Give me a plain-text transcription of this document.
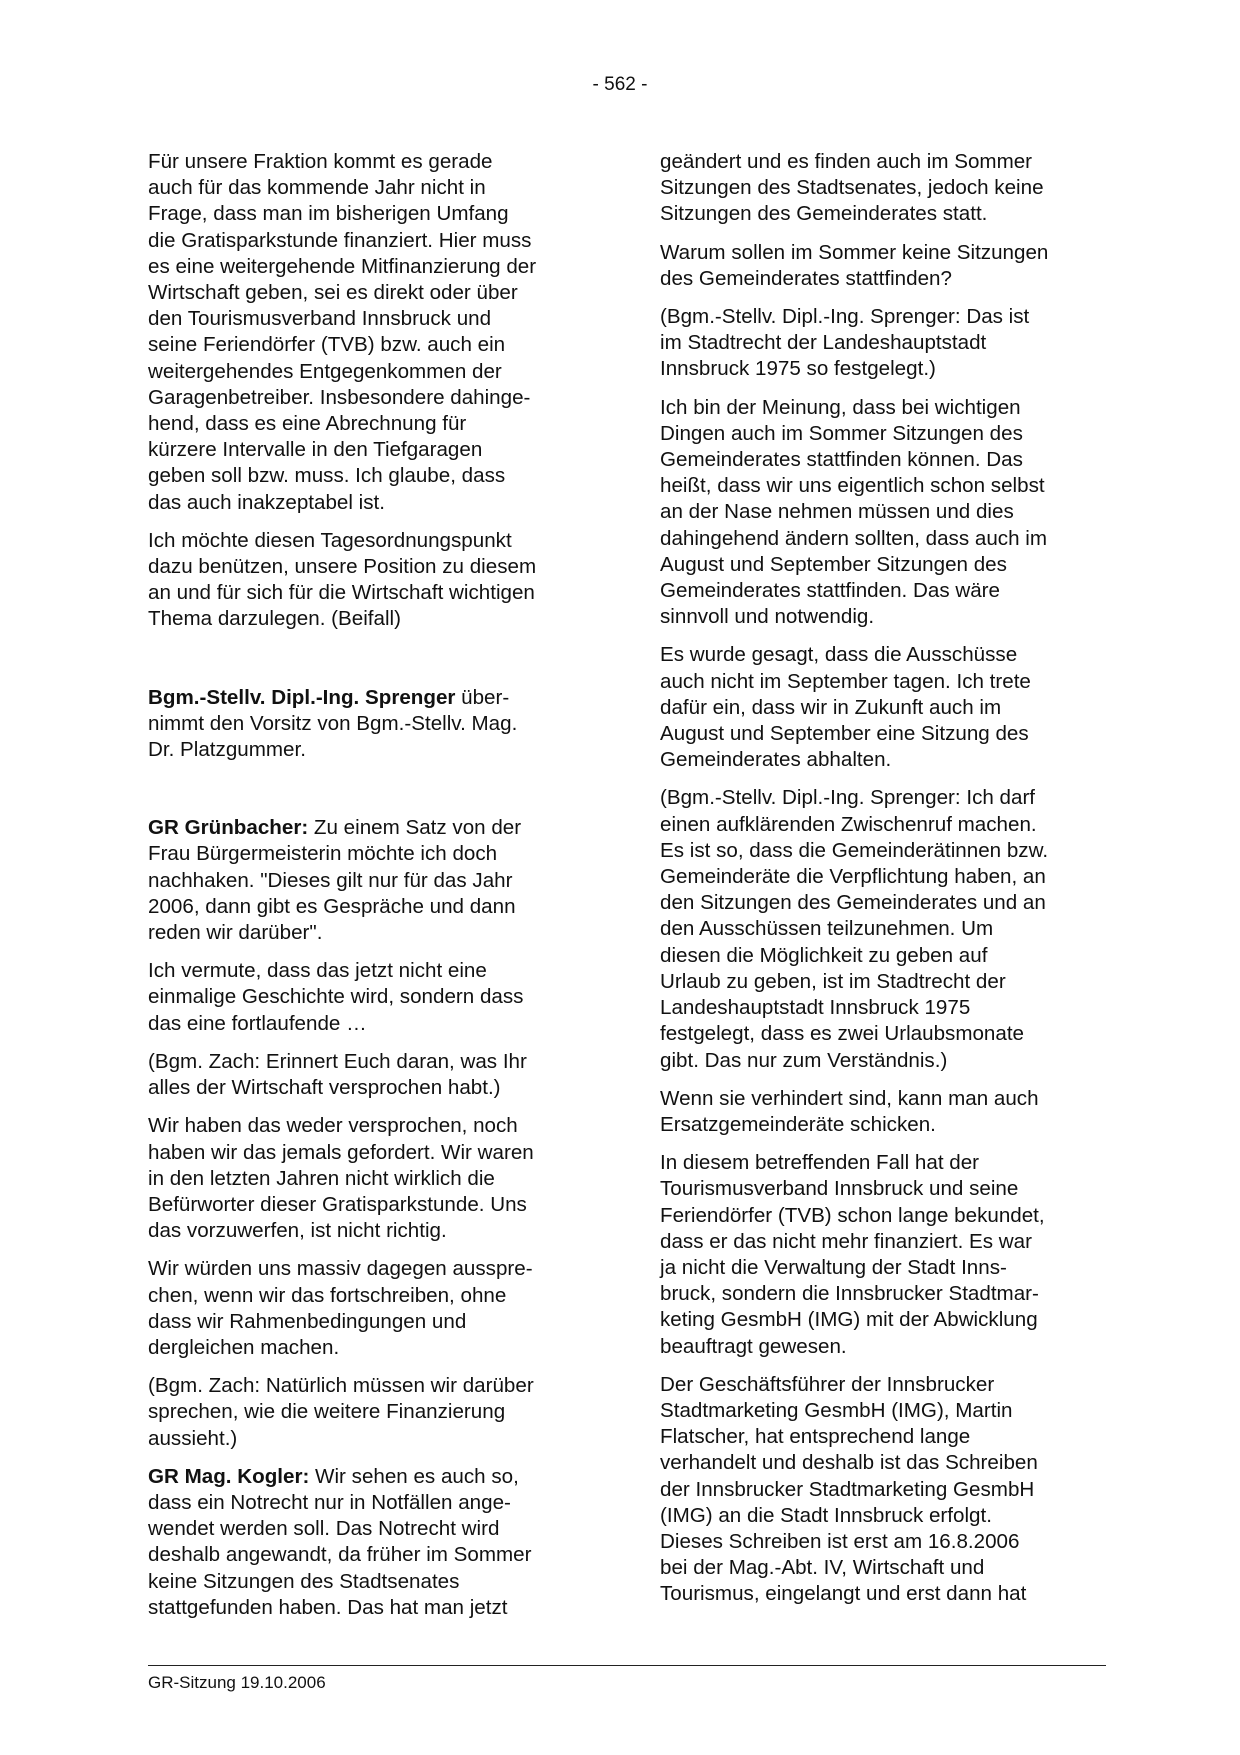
- 562 -

Für unsere Fraktion kommt es gerade
auch für das kommende Jahr nicht in
Frage, dass man im bisherigen Umfang
die Gratisparkstunde finanziert. Hier muss
es eine weitergehende Mitfinanzierung der
Wirtschaft geben, sei es direkt oder über
den Tourismusverband Innsbruck und
seine Feriendörfer (TVB) bzw. auch ein
weitergehendes Entgegenkommen der
Garagenbetreiber. Insbesondere dahinge-
hend, dass es eine Abrechnung für
kürzere Intervalle in den Tiefgaragen
geben soll bzw. muss. Ich glaube, dass
das auch inakzeptabel ist.

Ich möchte diesen Tagesordnungspunkt
dazu benützen, unsere Position zu diesem
an und für sich für die Wirtschaft wichtigen
Thema darzulegen. (Beifall)

Bgm.-Stellv. Dipl.-Ing. Sprenger über-
nimmt den Vorsitz von Bgm.-Stellv. Mag.
Dr. Platzgummer.

GR Grünbacher: Zu einem Satz von der
Frau Bürgermeisterin möchte ich doch
nachhaken. "Dieses gilt nur für das Jahr
2006, dann gibt es Gespräche und dann
reden wir darüber".

Ich vermute, dass das jetzt nicht eine
einmalige Geschichte wird, sondern dass
das eine fortlaufende …

(Bgm. Zach: Erinnert Euch daran, was Ihr
alles der Wirtschaft versprochen habt.)

Wir haben das weder versprochen, noch
haben wir das jemals gefordert. Wir waren
in den letzten Jahren nicht wirklich die
Befürworter dieser Gratisparkstunde. Uns
das vorzuwerfen, ist nicht richtig.

Wir würden uns massiv dagegen ausspre-
chen, wenn wir das fortschreiben, ohne
dass wir Rahmenbedingungen und
dergleichen machen.

(Bgm. Zach: Natürlich müssen wir darüber
sprechen, wie die weitere Finanzierung
aussieht.)

GR Mag. Kogler: Wir sehen es auch so,
dass ein Notrecht nur in Notfällen ange-
wendet werden soll. Das Notrecht wird
deshalb angewandt, da früher im Sommer
keine Sitzungen des Stadtsenates
stattgefunden haben. Das hat man jetzt

geändert und es finden auch im Sommer
Sitzungen des Stadtsenates, jedoch keine
Sitzungen des Gemeinderates statt.

Warum sollen im Sommer keine Sitzungen
des Gemeinderates stattfinden?

(Bgm.-Stellv. Dipl.-Ing. Sprenger: Das ist
im Stadtrecht der Landeshauptstadt
Innsbruck 1975 so festgelegt.)

Ich bin der Meinung, dass bei wichtigen
Dingen auch im Sommer Sitzungen des
Gemeinderates stattfinden können. Das
heißt, dass wir uns eigentlich schon selbst
an der Nase nehmen müssen und dies
dahingehend ändern sollten, dass auch im
August und September Sitzungen des
Gemeinderates stattfinden. Das wäre
sinnvoll und notwendig.

Es wurde gesagt, dass die Ausschüsse
auch nicht im September tagen. Ich trete
dafür ein, dass wir in Zukunft auch im
August und September eine Sitzung des
Gemeinderates abhalten.

(Bgm.-Stellv. Dipl.-Ing. Sprenger: Ich darf
einen aufklärenden Zwischenruf machen.
Es ist so, dass die Gemeinderätinnen bzw.
Gemeinderäte die Verpflichtung haben, an
den Sitzungen des Gemeinderates und an
den Ausschüssen teilzunehmen. Um
diesen die Möglichkeit zu geben auf
Urlaub zu geben, ist im Stadtrecht der
Landeshauptstadt Innsbruck 1975
festgelegt, dass es zwei Urlaubsmonate
gibt. Das nur zum Verständnis.)

Wenn sie verhindert sind, kann man auch
Ersatzgemeinderäte schicken.

In diesem betreffenden Fall hat der
Tourismusverband Innsbruck und seine
Feriendörfer (TVB) schon lange bekundet,
dass er das nicht mehr finanziert. Es war
ja nicht die Verwaltung der Stadt Inns-
bruck, sondern die Innsbrucker Stadtmar-
keting GesmbH (IMG) mit der Abwicklung
beauftragt gewesen.

Der Geschäftsführer der Innsbrucker
Stadtmarketing GesmbH (IMG), Martin
Flatscher, hat entsprechend lange
verhandelt und deshalb ist das Schreiben
der Innsbrucker Stadtmarketing GesmbH
(IMG) an die Stadt Innsbruck erfolgt.
Dieses Schreiben ist erst am 16.8.2006
bei der Mag.-Abt. IV, Wirtschaft und
Tourismus, eingelangt und erst dann hat

GR-Sitzung 19.10.2006
